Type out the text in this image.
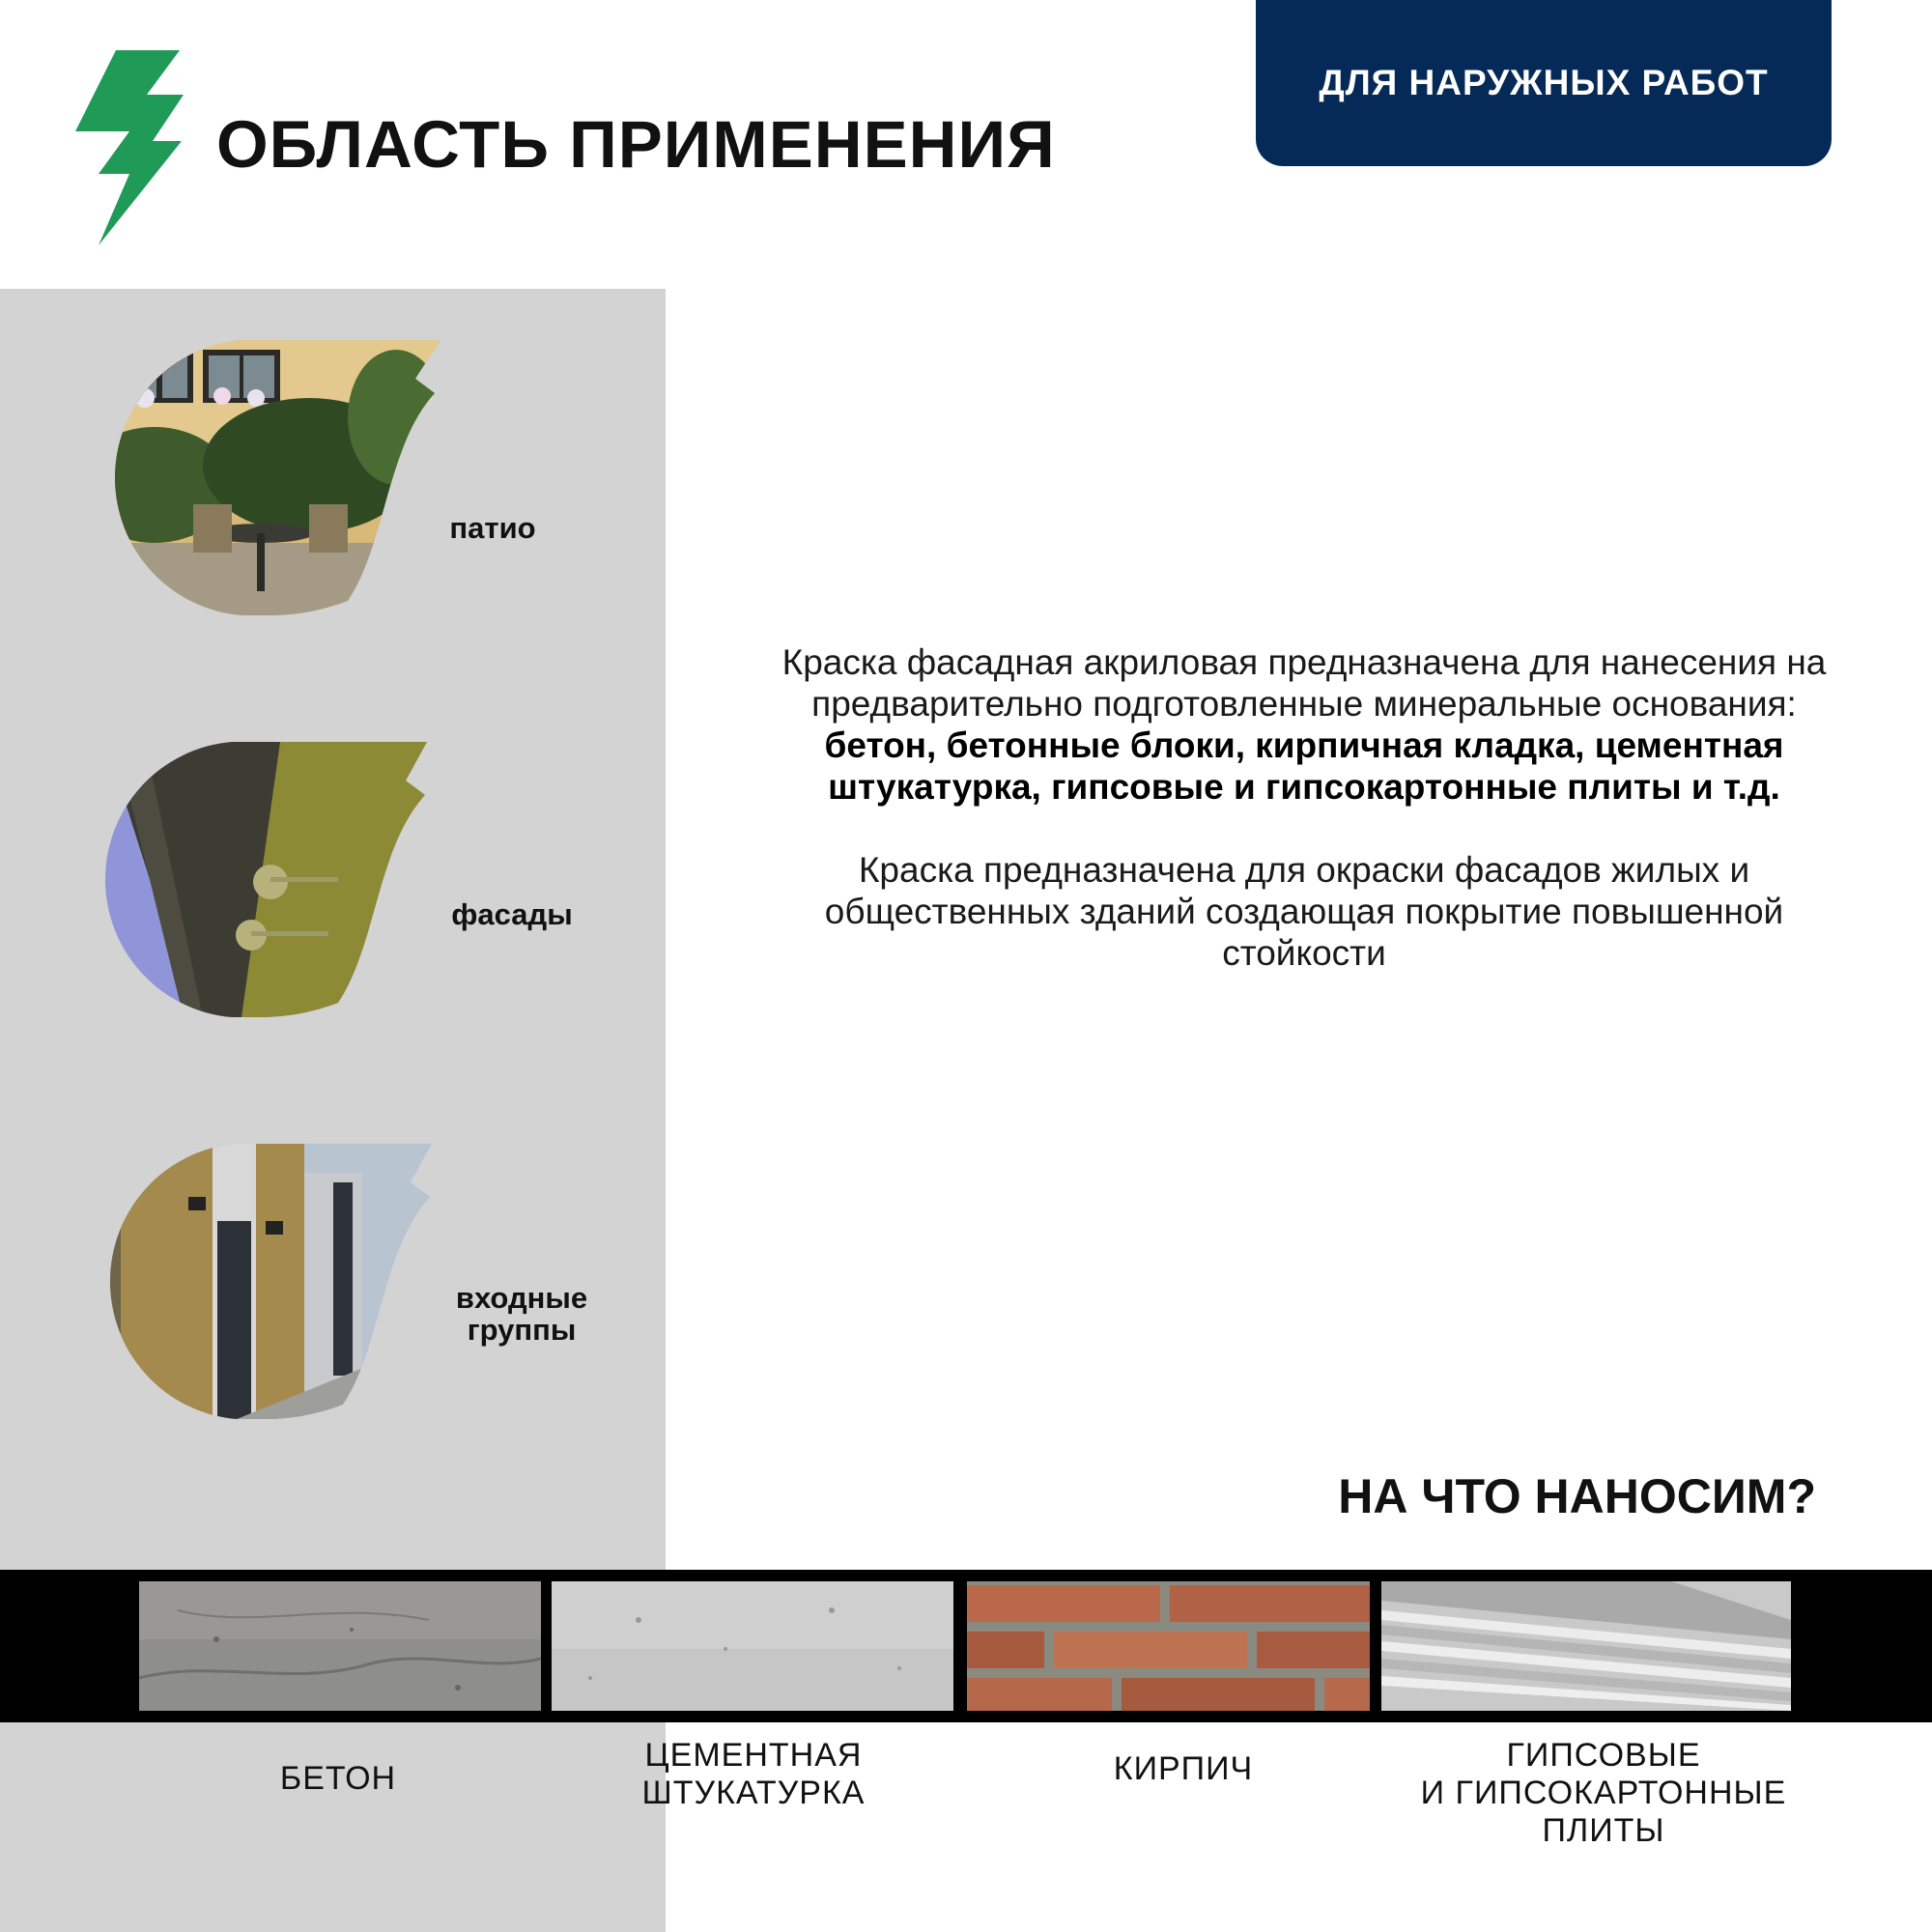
ОБЛАСТЬ ПРИМЕНЕНИЯ
ДЛЯ НАРУЖНЫХ РАБОТ
патио
фасады
входные
группы

Краска фасадная акриловая предназначена для нанесения на предварительно подготовленные минеральные основания: бетон, бетонные блоки, кирпичная кладка, цементная штукатурка, гипсовые и гипсокартонные плиты и т.д.

Краска предназначена для окраски фасадов жилых и общественных зданий создающая покрытие повышенной стойкости

НА ЧТО НАНОСИМ?
БЕТОН
ЦЕМЕНТНАЯ
ШТУКАТУРКА
КИРПИЧ	ГИПСОВЫЕ
И ГИПСОКАРТОННЫЕ
ПЛИТЫ
